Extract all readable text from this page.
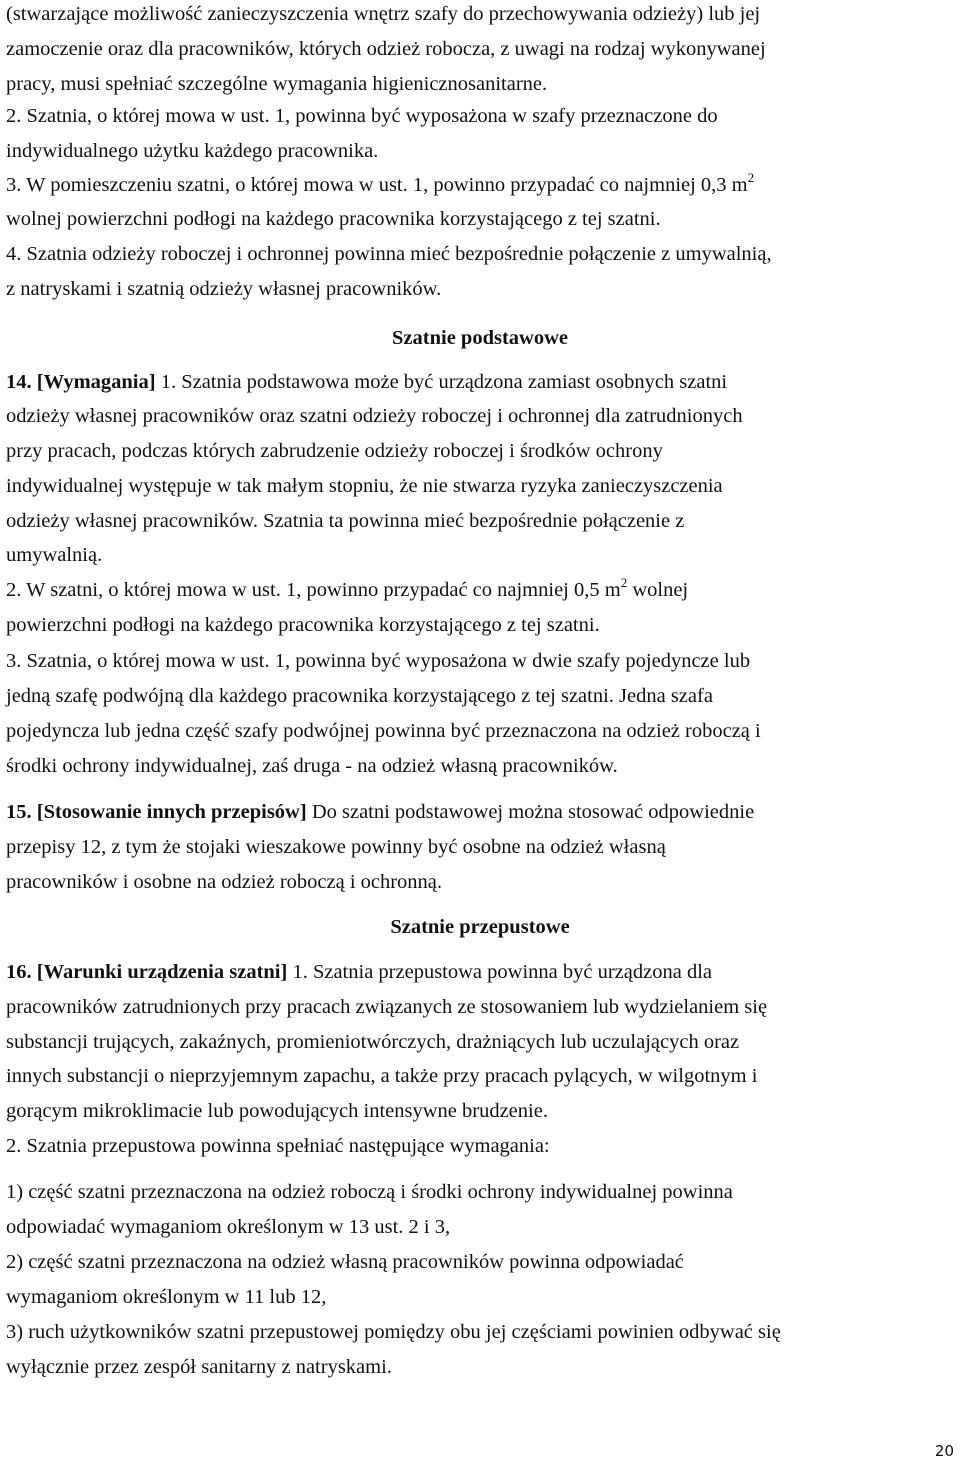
(stwarzające możliwość zanieczyszczenia wnętrz szafy do przechowywania odzieży) lub jej
zamoczenie oraz dla pracowników, których odzież robocza, z uwagi na rodzaj wykonywanej
pracy, musi spełniać szczególne wymagania higienicznosanitarne.
2. Szatnia, o której mowa w ust. 1, powinna być wyposażona w szafy przeznaczone do
indywidualnego użytku każdego pracownika.
3. W pomieszczeniu szatni, o której mowa w ust. 1, powinno przypadać co najmniej 0,3 $m^2$
wolnej powierzchni podłogi na każdego pracownika korzystającego z tej szatni.
4. Szatnia odzieży roboczej i ochronnej powinna mieć bezpośrednie połączenie z umywalnią,
z natryskami i szatnią odzieży własnej pracowników.
Szatnie podstawowe
14. [Wymagania] 1. Szatnia podstawowa może być urządzona zamiast osobnych szatni
odzieży własnej pracowników oraz szatni odzieży roboczej i ochronnej dla zatrudnionych
przy pracach, podczas których zabrudzenie odzieży roboczej i środków ochrony
indywidualnej występuje w tak małym stopniu, że nie stwarza ryzyka zanieczyszczenia
odzieży własnej pracowników. Szatnia ta powinna mieć bezpośrednie połączenie z
umywalnią.
2. W szatni, o której mowa w ust. 1, powinno przypadać co najmniej 0,5 $m^2$ wolnej
powierzchni podłogi na każdego pracownika korzystającego z tej szatni.
3. Szatnia, o której mowa w ust. 1, powinna być wyposażona w dwie szafy pojedyncze lub
jedną szafę podwójną dla każdego pracownika korzystającego z tej szatni. Jedna szafa
pojedyncza lub jedna część szafy podwójnej powinna być przeznaczona na odzież roboczą i
środki ochrony indywidualnej, zaś druga - na odzież własną pracowników.
15. [Stosowanie innych przepisów] Do szatni podstawowej można stosować odpowiednie
przepisy 12, z tym że stojaki wieszakowe powinny być osobne na odzież własną
pracowników i osobne na odzież roboczą i ochronną.
Szatnie przepustowe
16. [Warunki urządzenia szatni] 1. Szatnia przepustowa powinna być urządzona dla
pracowników zatrudnionych przy pracach związanych ze stosowaniem lub wydzielaniem się
substancji trujących, zakaźnych, promieniotwórczych, drażniących lub uczulających oraz
innych substancji o nieprzyjemnym zapachu, a także przy pracach pylących, w wilgotnym i
gorącym mikroklimacie lub powodujących intensywne brudzenie.
2. Szatnia przepustowa powinna spełniać następujące wymagania:
1) część szatni przeznaczona na odzież roboczą i środki ochrony indywidualnej powinna
odpowiadać wymaganiom określonym w 13 ust. 2 i 3,
2) część szatni przeznaczona na odzież własną pracowników powinna odpowiadać
wymaganiom określonym w 11 lub 12,
3) ruch użytkowników szatni przepustowej pomiędzy obu jej częściami powinien odbywać się
wyłącznie przez zespół sanitarny z natryskami.
20
